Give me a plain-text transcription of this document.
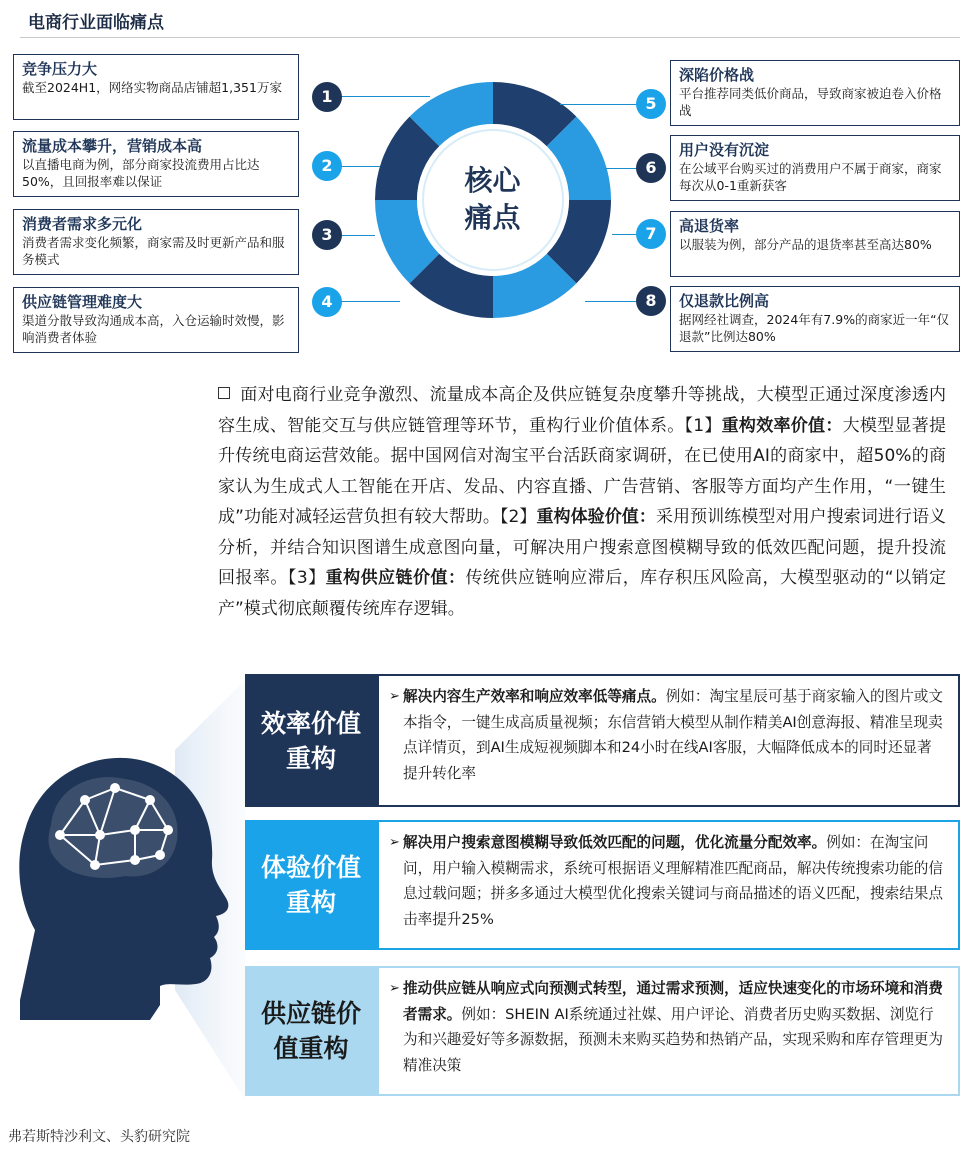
电商行业面临痛点
核心
痛点
竞争压力大
截至2024H1，网络实物商品店铺超1,351万家
流量成本攀升，营销成本高
以直播电商为例，部分商家投流费用占比达50%，且回报率难以保证
消费者需求多元化
消费者需求变化频繁，商家需及时更新产品和服务模式
供应链管理难度大
渠道分散导致沟通成本高，入仓运输时效慢，影响消费者体验
1
2
3
4
5
6
7
8
深陷价格战
平台推荐同类低价商品，导致商家被迫卷入价格战
用户没有沉淀
在公域平台购买过的消费用户不属于商家，商家每次从0-1重新获客
高退货率
以服装为例，部分产品的退货率甚至高达80%
仅退款比例高
据网经社调查，2024年有7.9%的商家近一年“仅退款”比例达80%
面对电商行业竞争激烈、流量成本高企及供应链复杂度攀升等挑战，大模型正通过深度渗透内容生成、智能交互与供应链管理等环节，重构行业价值体系。【1】重构效率价值：大模型显著提升传统电商运营效能。据中国网信对淘宝平台活跃商家调研，在已使用AI的商家中，超50%的商家认为生成式人工智能在开店、发品、内容直播、广告营销、客服等方面均产生作用，“一键生成”功能对减轻运营负担有较大帮助。【2】重构体验价值：采用预训练模型对用户搜索词进行语义分析，并结合知识图谱生成意图向量，可解决用户搜索意图模糊导致的低效匹配问题，提升投流回报率。【3】重构供应链价值：传统供应链响应滞后，库存积压风险高，大模型驱动的“以销定产”模式彻底颠覆传统库存逻辑。
效率价值
重构
➢ 解决内容生产效率和响应效率低等痛点。例如：淘宝星辰可基于商家输入的图片或文本指令，一键生成高质量视频；东信营销大模型从制作精美AI创意海报、精准呈现卖点详情页，到AI生成短视频脚本和24小时在线AI客服，大幅降低成本的同时还显著提升转化率
体验价值
重构
➢ 解决用户搜索意图模糊导致低效匹配的问题，优化流量分配效率。例如：在淘宝问问，用户输入模糊需求，系统可根据语义理解精准匹配商品，解决传统搜索功能的信息过载问题；拼多多通过大模型优化搜索关键词与商品描述的语义匹配，搜索结果点击率提升25%
供应链价
值重构
➢ 推动供应链从响应式向预测式转型，通过需求预测，适应快速变化的市场环境和消费者需求。例如：SHEIN AI系统通过社媒、用户评论、消费者历史购买数据、浏览行为和兴趣爱好等多源数据，预测未来购买趋势和热销产品，实现采购和库存管理更为精准决策
弗若斯特沙利文、头豹研究院
